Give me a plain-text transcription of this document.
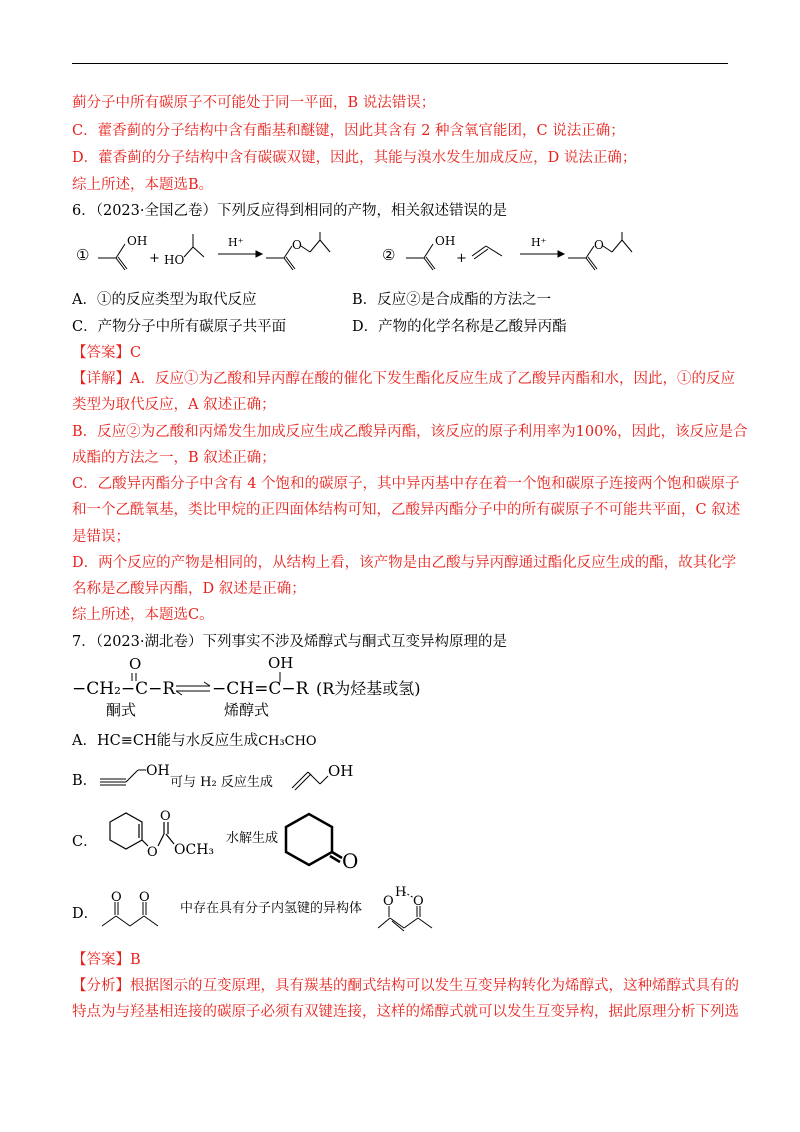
蓟分子中所有碳原子不可能处于同一平面，B 说法错误；
C．藿香蓟的分子结构中含有酯基和醚键，因此其含有 2 种含氧官能团，C 说法正确；
D．藿香蓟的分子结构中含有碳碳双键，因此，其能与溴水发生加成反应，D 说法正确；
综上所述，本题选B。
6．（2023·全国乙卷）下列反应得到相同的产物，相关叙述错误的是
①
OH
+ HO
H⁺	O
②
OH
+
H⁺	O
A．①的反应类型为取代反应	B．反应②是合成酯的方法之一
C．产物分子中所有碳原子共平面	D．产物的化学名称是乙酸异丙酯
【答案】C
【详解】A．反应①为乙酸和异丙醇在酸的催化下发生酯化反应生成了乙酸异丙酯和水，因此，①的反应
类型为取代反应，A 叙述正确；
B．反应②为乙酸和丙烯发生加成反应生成乙酸异丙酯，该反应的原子利用率为100%，因此，该反应是合
成酯的方法之一，B 叙述正确；
C．乙酸异丙酯分子中含有 4 个饱和的碳原子，其中异丙基中存在着一个饱和碳原子连接两个饱和碳原子
和一个乙酰氧基，类比甲烷的正四面体结构可知，乙酸异丙酯分子中的所有碳原子不可能共平面，C 叙述
是错误；
D．两个反应的产物是相同的，从结构上看，该产物是由乙酸与异丙醇通过酯化反应生成的酯，故其化学
名称是乙酸异丙酯，D 叙述是正确；
综上所述，本题选C。
7．（2023·湖北卷）下列事实不涉及烯醇式与酮式互变异构原理的是
O
−CH₂−C−R
OH
−CH=C−R (R为烃基或氢)
酮式	烯醇式
A．HC≡CH能与水反应生成CH₃CHO
B．
OH
可与 H₂ 反应生成
OH
C．
O
O
OCH₃
水解生成
O
D．
O O
中存在具有分子内氢键的异构体 O O
H
【答案】B
【分析】根据图示的互变原理，具有羰基的酮式结构可以发生互变异构转化为烯醇式，这种烯醇式具有的
特点为与羟基相连接的碳原子必须有双键连接，这样的烯醇式就可以发生互变异构，据此原理分析下列选
